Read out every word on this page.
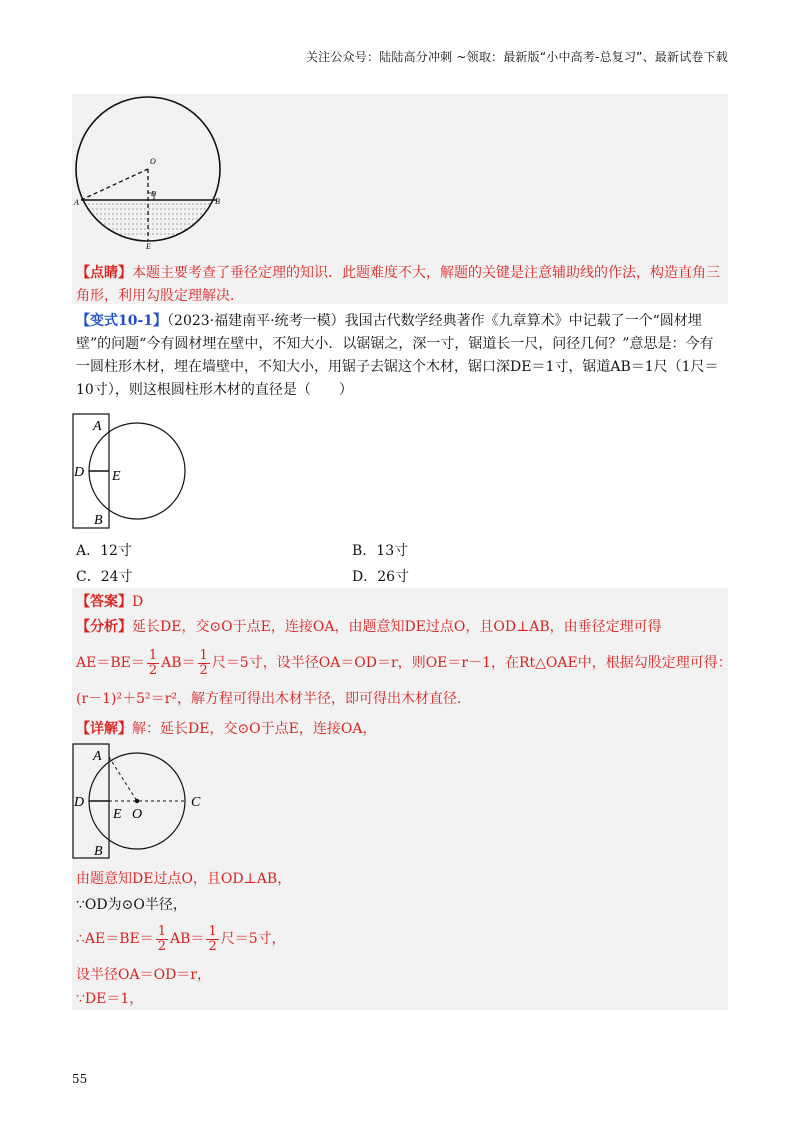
关注公众号：陆陆高分冲刺 ~领取：最新版“小中高考-总复习”、最新试卷下载
O
A	B
D
E
【点睛】本题主要考查了垂径定理的知识．此题难度不大，解题的关键是注意辅助线的作法，构造直角三角形，利用勾股定理解决．
【变式10-1】（2023·福建南平·统考一模）我国古代数学经典著作《九章算术》中记载了一个“圆材埋壁”的问题“今有圆材埋在壁中，不知大小．以锯锯之，深一寸，锯道长一尺，问径几何？”意思是：今有一圆柱形木材，埋在墙壁中，不知大小，用锯子去锯这个木材，锯口深DE＝1寸，锯道AB＝1尺（1尺＝10寸），则这根圆柱形木材的直径是（　　）
A
B
D E
A．12寸	B．13寸
C．24寸	D．26寸
【答案】D
【分析】延长DE，交⊙O于点E，连接OA，由题意知DE过点O，且OD⊥AB，由垂径定理可得
$AE=BE= \frac{1}{2} AB= \frac{1}{2}$ 尺＝5寸，设半径OA＝OD＝r，则OE＝r－1，在Rt△OAE中，根据勾股定理可得：
(r－1)²＋5²＝r²，解方程可得出木材半径，即可得出木材直径．
【详解】解：延长DE，交⊙O于点E，连接OA，
A
B
D
E O
C
由题意知DE过点O，且OD⊥AB，
∵OD为⊙O半径，
∴AE＝BE＝ $\frac{1}{2} AB= \frac{1}{2}$ 尺＝5寸，
设半径OA＝OD＝r，
∵DE＝1，
55
